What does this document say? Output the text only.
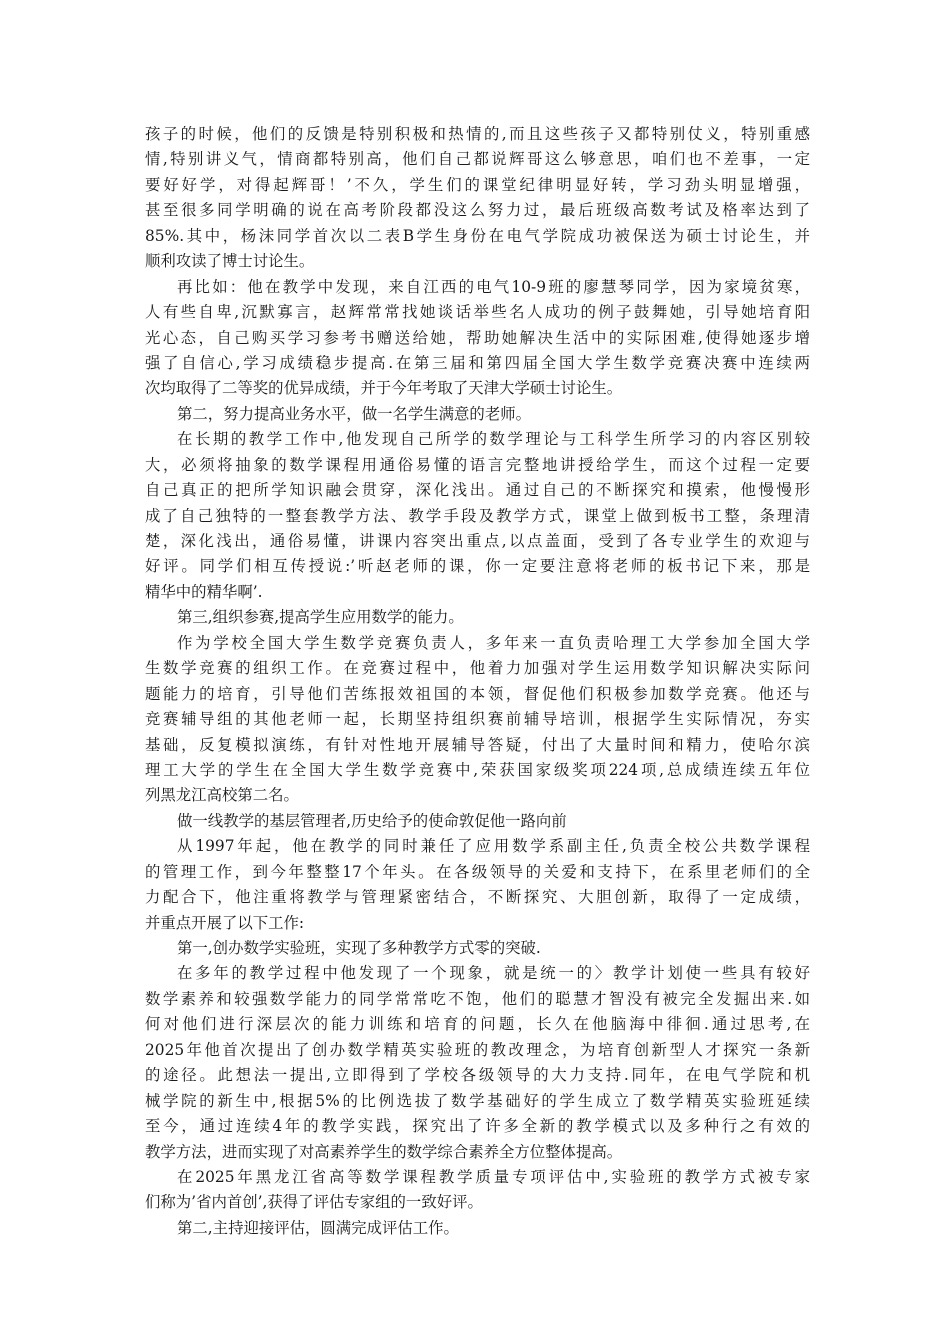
孩子的时候，他们的反馈是特别积极和热情的,而且这些孩子又都特别仗义，特别重感
情,特别讲义气，情商都特别高，他们自己都说辉哥这么够意思，咱们也不差事，一定
要好好学，对得起辉哥！’不久，学生们的课堂纪律明显好转，学习劲头明显增强，
甚至很多同学明确的说在高考阶段都没这么努力过，最后班级高数考试及格率达到了
85%.其中，杨沫同学首次以二表B学生身份在电气学院成功被保送为硕士讨论生，并
顺利攻读了博士讨论生。
再比如：他在教学中发现，来自江西的电气10-9班的廖慧琴同学，因为家境贫寒，
人有些自卑,沉默寡言，赵辉常常找她谈话举些名人成功的例子鼓舞她，引导她培育阳
光心态，自己购买学习参考书赠送给她，帮助她解决生活中的实际困难,使得她逐步增
强了自信心,学习成绩稳步提高.在第三届和第四届全国大学生数学竞赛决赛中连续两
次均取得了二等奖的优异成绩，并于今年考取了天津大学硕士讨论生。
第二，努力提高业务水平，做一名学生满意的老师。
在长期的教学工作中,他发现自己所学的数学理论与工科学生所学习的内容区别较
大，必须将抽象的数学课程用通俗易懂的语言完整地讲授给学生，而这个过程一定要
自己真正的把所学知识融会贯穿，深化浅出。通过自己的不断探究和摸索，他慢慢形
成了自己独特的一整套教学方法、教学手段及教学方式，课堂上做到板书工整，条理清
楚，深化浅出，通俗易懂，讲课内容突出重点,以点盖面，受到了各专业学生的欢迎与
好评。同学们相互传授说:’听赵老师的课，你一定要注意将老师的板书记下来，那是
精华中的精华啊’.
第三,组织参赛,提高学生应用数学的能力。
作为学校全国大学生数学竞赛负责人，多年来一直负责哈理工大学参加全国大学
生数学竞赛的组织工作。在竞赛过程中，他着力加强对学生运用数学知识解决实际问
题能力的培育，引导他们苦练报效祖国的本领，督促他们积极参加数学竞赛。他还与
竞赛辅导组的其他老师一起，长期坚持组织赛前辅导培训，根据学生实际情况，夯实
基础，反复模拟演练，有针对性地开展辅导答疑，付出了大量时间和精力，使哈尔滨
理工大学的学生在全国大学生数学竞赛中,荣获国家级奖项224项,总成绩连续五年位
列黑龙江高校第二名。
做一线教学的基层管理者,历史给予的使命敦促他一路向前
从1997年起，他在教学的同时兼任了应用数学系副主任,负责全校公共数学课程
的管理工作，到今年整整17个年头。在各级领导的关爱和支持下，在系里老师们的全
力配合下，他注重将教学与管理紧密结合，不断探究、大胆创新，取得了一定成绩，
并重点开展了以下工作:
第一,创办数学实验班，实现了多种教学方式零的突破.
在多年的教学过程中他发现了一个现象，就是统一的〉教学计划使一些具有较好
数学素养和较强数学能力的同学常常吃不饱，他们的聪慧才智没有被完全发掘出来.如
何对他们进行深层次的能力训练和培育的问题，长久在他脑海中徘徊.通过思考,在
2025年他首次提出了创办数学精英实验班的教改理念，为培育创新型人才探究一条新
的途径。此想法一提出,立即得到了学校各级领导的大力支持.同年，在电气学院和机
械学院的新生中,根据5%的比例选拔了数学基础好的学生成立了数学精英实验班延续
至今，通过连续4年的教学实践，探究出了许多全新的教学模式以及多种行之有效的
教学方法，进而实现了对高素养学生的数学综合素养全方位整体提高。
在2025年黑龙江省高等数学课程教学质量专项评估中,实验班的教学方式被专家
们称为’省内首创’,获得了评估专家组的一致好评。
第二,主持迎接评估，圆满完成评估工作。
